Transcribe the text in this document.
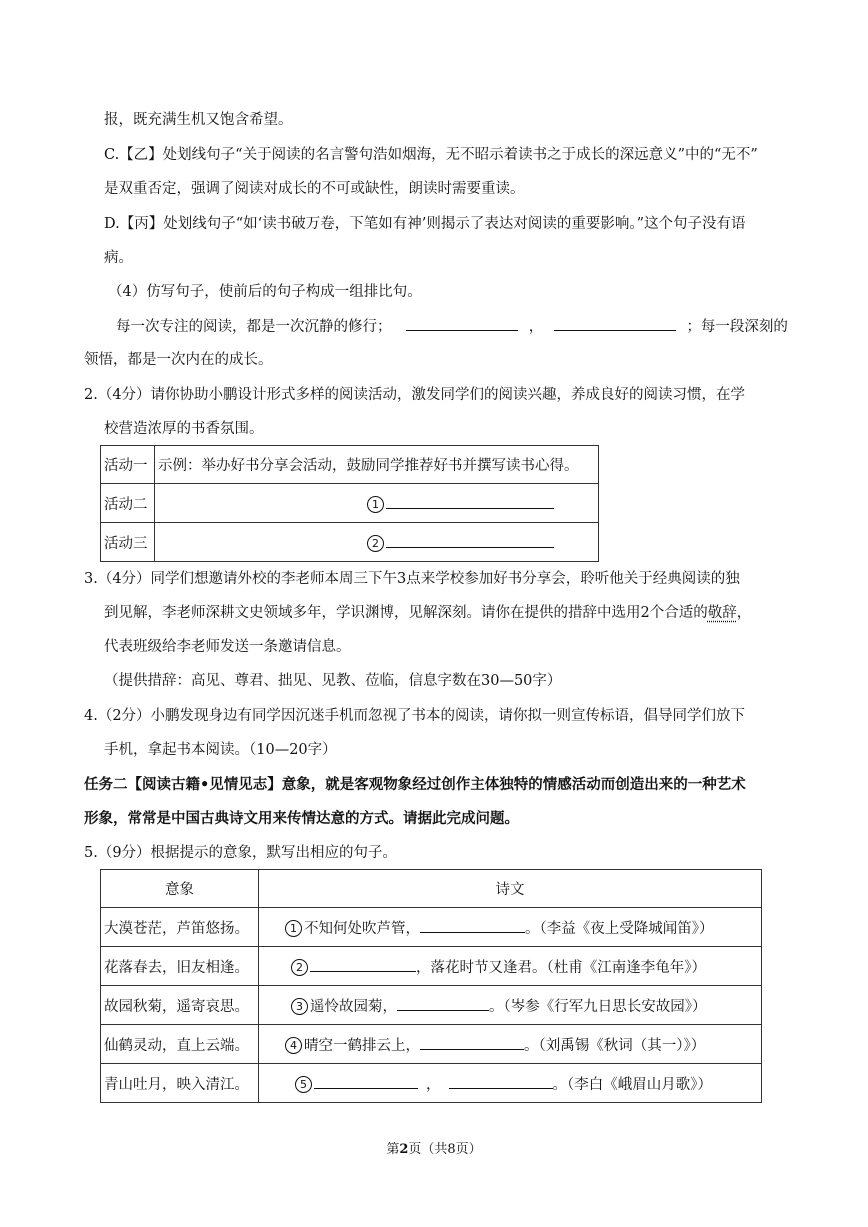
报，既充满生机又饱含希望。
C.【乙】处划线句子“关于阅读的名言警句浩如烟海，无不昭示着读书之于成长的深远意义”中的“无不”
是双重否定，强调了阅读对成长的不可或缺性，朗读时需要重读。
D.【丙】处划线句子“如‘读书破万卷，下笔如有神’则揭示了表达对阅读的重要影响。”这个句子没有语
病。
（4）仿写句子，使前后的句子构成一组排比句。
每一次专注的阅读，都是一次沉静的修行；	，	；每一段深刻的
领悟，都是一次内在的成长。
2.（4分）请你协助小鹏设计形式多样的阅读活动，激发同学们的阅读兴趣，养成良好的阅读习惯，在学
校营造浓厚的书香氛围。
活动一	示例：举办好书分享会活动，鼓励同学推荐好书并撰写读书心得。
活动二	1
活动三	2
3.（4分）同学们想邀请外校的李老师本周三下午3点来学校参加好书分享会，聆听他关于经典阅读的独
到见解，李老师深耕文史领域多年，学识渊博，见解深刻。请你在提供的措辞中选用2个合适的敬辞，
代表班级给李老师发送一条邀请信息。
（提供措辞：高见、尊君、拙见、见教、莅临，信息字数在30—50字）
4.（2分）小鹏发现身边有同学因沉迷手机而忽视了书本的阅读，请你拟一则宣传标语，倡导同学们放下
手机，拿起书本阅读。（10—20字）
任务二【阅读古籍•见情见志】意象，就是客观物象经过创作主体独特的情感活动而创造出来的一种艺术
形象，常常是中国古典诗文用来传情达意的方式。请据此完成问题。
5.（9分）根据提示的意象，默写出相应的句子。
意象	诗文
大漠苍茫，芦笛悠扬。	1 不知何处吹芦管， 。（李益《夜上受降城闻笛》）
花落春去，旧友相逢。	2 ，落花时节又逢君。（杜甫《江南逢李龟年》）
故园秋菊，遥寄哀思。	3 遥怜故园菊， 。（岑参《行军九日思长安故园》）
仙鹤灵动，直上云端。	4 晴空一鹤排云上， 。（刘禹锡《秋词（其一）》）
青山吐月，映入清江。	5 ， 。（李白《峨眉山月歌》）
第2页（共8页）
